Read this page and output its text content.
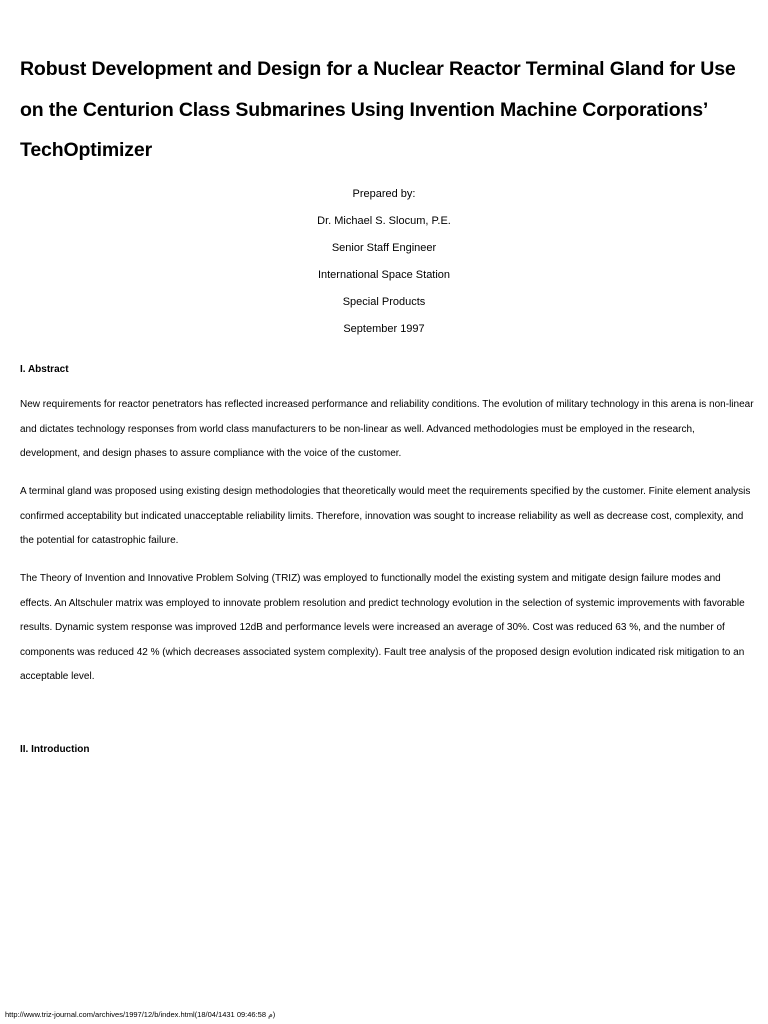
Robust Development and Design for a Nuclear Reactor Terminal Gland for Use on the Centurion Class Submarines Using Invention Machine Corporations’ TechOptimizer
Prepared by:
Dr. Michael S. Slocum, P.E.
Senior Staff Engineer
International Space Station
Special Products
September 1997
I. Abstract

New requirements for reactor penetrators has reflected increased performance and reliability conditions. The evolution of military technology in this arena is non-linear and dictates technology responses from world class manufacturers to be non-linear as well. Advanced methodologies must be employed in the research, development, and design phases to assure compliance with the voice of the customer.

A terminal gland was proposed using existing design methodologies that theoretically would meet the requirements specified by the customer. Finite element analysis confirmed acceptability but indicated unacceptable reliability limits. Therefore, innovation was sought to increase reliability as well as decrease cost, complexity, and the potential for catastrophic failure.

The Theory of Invention and Innovative Problem Solving (TRIZ) was employed to functionally model the existing system and mitigate design failure modes and effects. An Altschuler matrix was employed to innovate problem resolution and predict technology evolution in the selection of systemic improvements with favorable results. Dynamic system response was improved 12dB and performance levels were increased an average of 30%. Cost was reduced 63 %, and the number of components was reduced 42 % (which decreases associated system complexity). Fault tree analysis of the proposed design evolution indicated risk mitigation to an acceptable level.

II. Introduction
http://www.triz-journal.com/archives/1997/12/b/index.html(م 09:46:58 18/04/1431)
